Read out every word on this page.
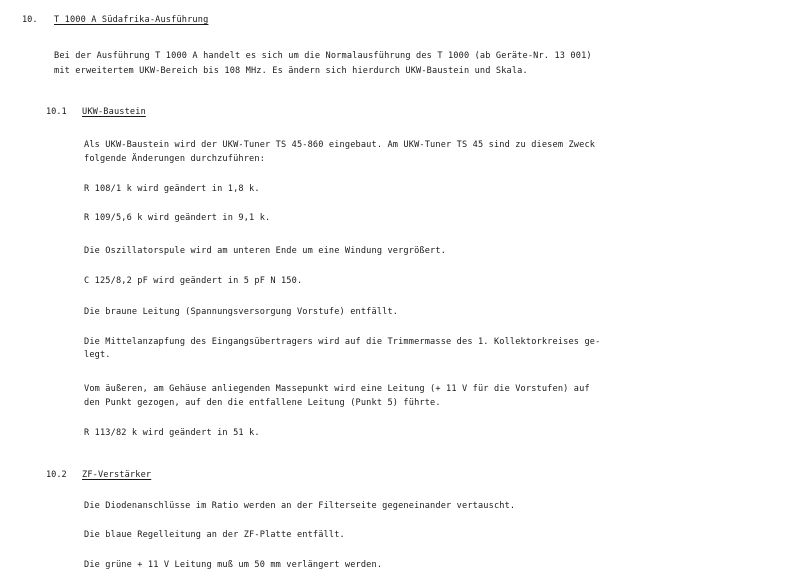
10. T 1000 A Südafrika-Ausführung
Bei der Ausführung T 1000 A handelt es sich um die Normalausführung des T 1000 (ab Geräte-Nr. 13 001)
mit erweitertem UKW-Bereich bis 108 MHz. Es ändern sich hierdurch UKW-Baustein und Skala.
10.1 UKW-Baustein
Als UKW-Baustein wird der UKW-Tuner TS 45-860 eingebaut. Am UKW-Tuner TS 45 sind zu diesem Zweck
folgende Änderungen durchzuführen:
R 108/1 k wird geändert in 1,8 k.
R 109/5,6 k wird geändert in 9,1 k.
Die Oszillatorspule wird am unteren Ende um eine Windung vergrößert.
C 125/8,2 pF wird geändert in 5 pF N 150.
Die braune Leitung (Spannungsversorgung Vorstufe) entfällt.
Die Mittelanzapfung des Eingangsübertragers wird auf die Trimmermasse des 1. Kollektorkreises ge-
legt.
Vom äußeren, am Gehäuse anliegenden Massepunkt wird eine Leitung (+ 11 V für die Vorstufen) auf
den Punkt gezogen, auf den die entfallene Leitung (Punkt 5) führte.
R 113/82 k wird geändert in 51 k.
10.2 ZF-Verstärker
Die Diodenanschlüsse im Ratio werden an der Filterseite gegeneinander vertauscht.
Die blaue Regelleitung an der ZF-Platte entfällt.
Die grüne + 11 V Leitung muß um 50 mm verlängert werden.
